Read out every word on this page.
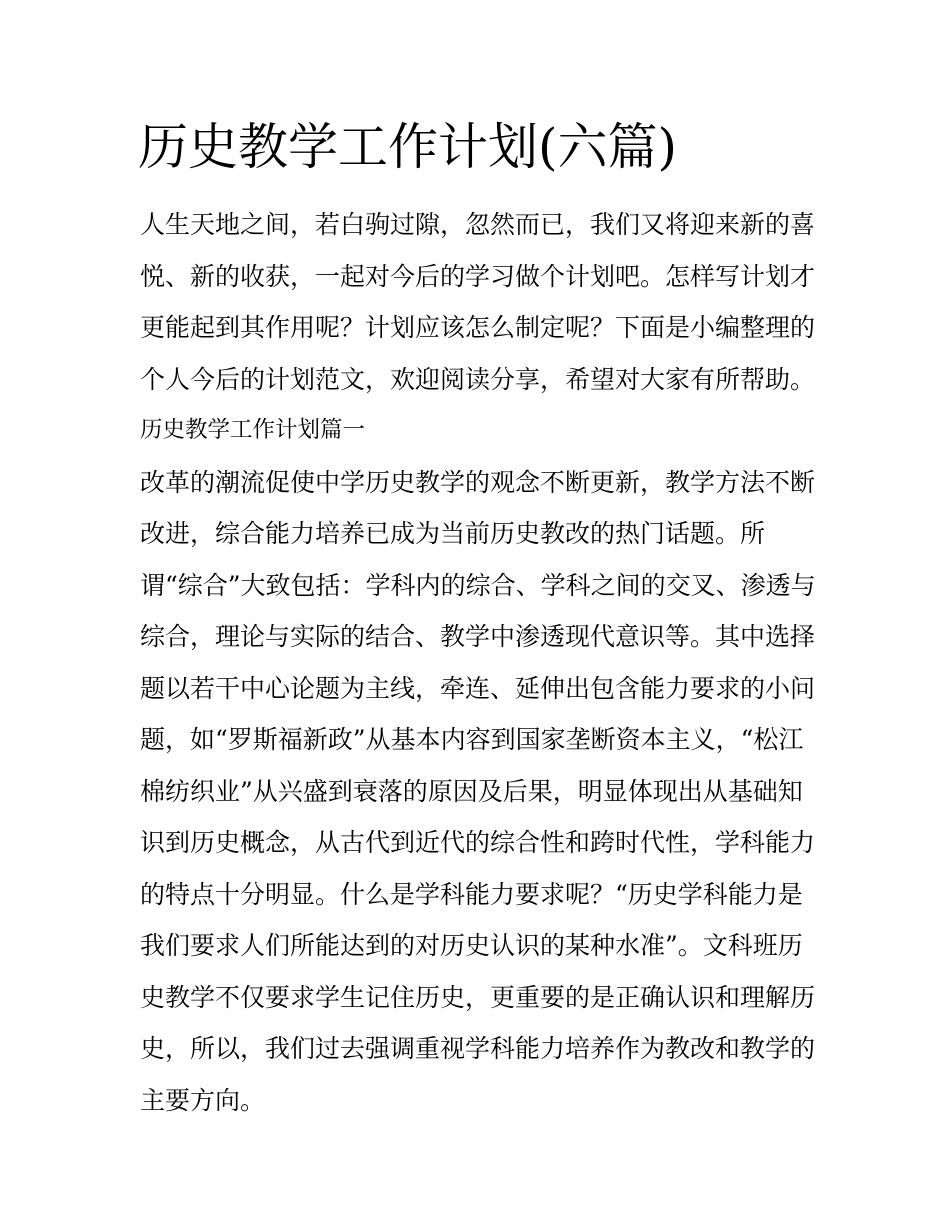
历史教学工作计划(六篇)
人生天地之间，若白驹过隙，忽然而已，我们又将迎来新的喜
悦、新的收获，一起对今后的学习做个计划吧。怎样写计划才
更能起到其作用呢？计划应该怎么制定呢？下面是小编整理的
个人今后的计划范文，欢迎阅读分享，希望对大家有所帮助。
历史教学工作计划篇一
改革的潮流促使中学历史教学的观念不断更新，教学方法不断
改进，综合能力培养已成为当前历史教改的热门话题。所
谓“综合”大致包括：学科内的综合、学科之间的交叉、渗透与
综合，理论与实际的结合、教学中渗透现代意识等。其中选择
题以若干中心论题为主线，牵连、延伸出包含能力要求的小问
题，如“罗斯福新政”从基本内容到国家垄断资本主义，“松江
棉纺织业”从兴盛到衰落的原因及后果，明显体现出从基础知
识到历史概念，从古代到近代的综合性和跨时代性，学科能力
的特点十分明显。什么是学科能力要求呢？“历史学科能力是
我们要求人们所能达到的对历史认识的某种水准”。文科班历
史教学不仅要求学生记住历史，更重要的是正确认识和理解历
史，所以，我们过去强调重视学科能力培养作为教改和教学的
主要方向。
